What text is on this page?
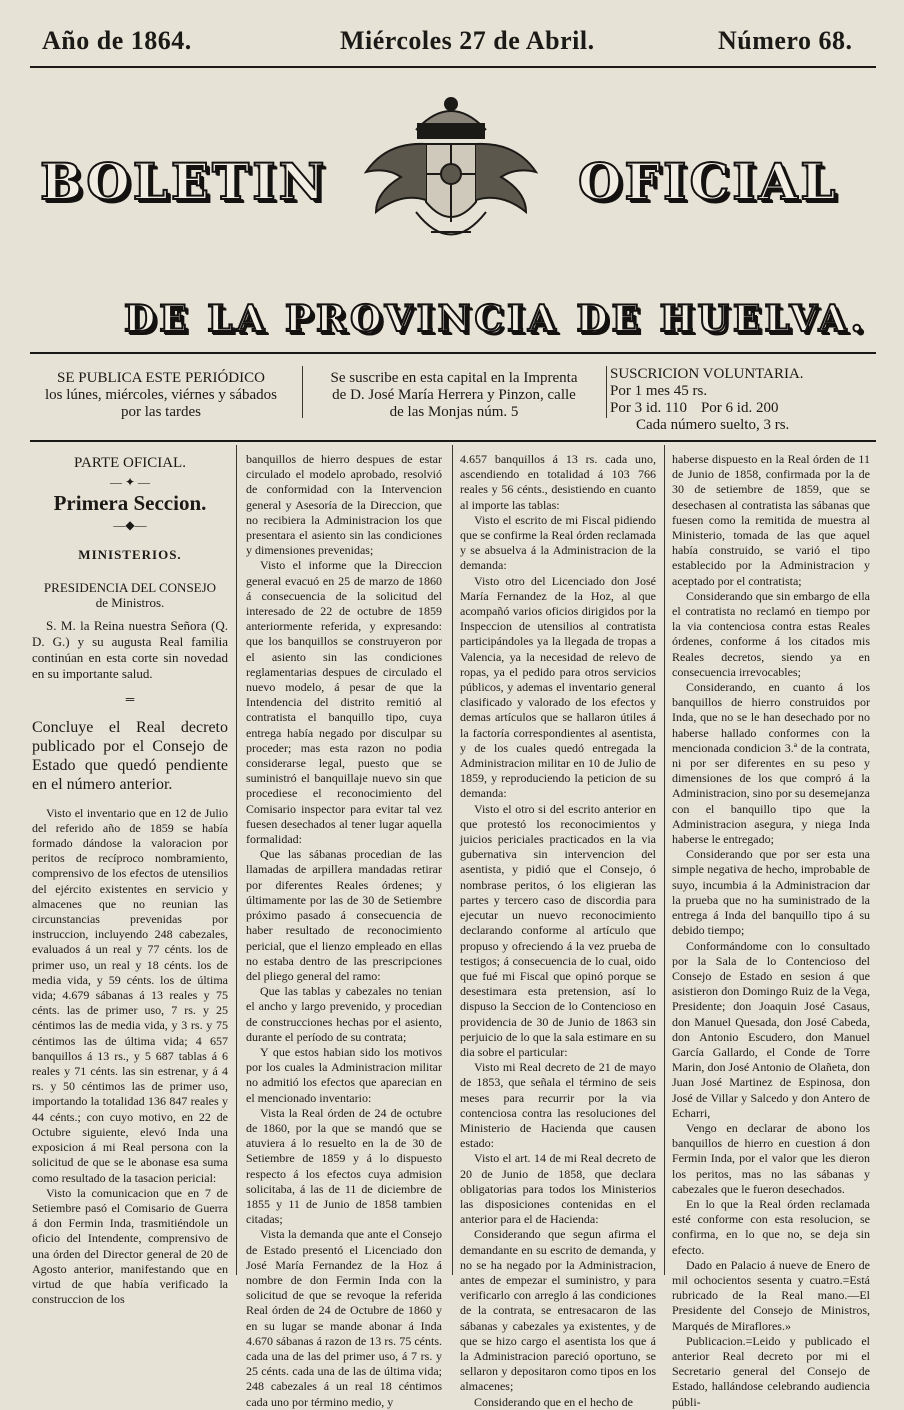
Año de 1864.	Miércoles 27 de Abril.	Número 68.
BOLETIN	OFICIAL
DE LA PROVINCIA DE HUELVA.
SE PUBLICA ESTE PERIÓDICO
los lúnes, miércoles, viérnes y sábados
por las tardes
Se suscribe en esta capital en la Imprenta
de D. José María Herrera y Pinzon, calle
de las Monjas núm. 5
SUSCRICION VOLUNTARIA.
Por 1 mes 45 rs.
Por 3 id. 110 Por 6 id. 200
Cada número suelto, 3 rs.
PARTE OFICIAL.
— ✦ —
Primera Seccion.
—◆—
MINISTERIOS.
PRESIDENCIA DEL CONSEJO
de Ministros.

S. M. la Reina nuestra Señora (Q. D. G.) y su augusta Real familia continúan en esta corte sin novedad en su importante salud.

═
Concluye el Real decreto publicado por el Consejo de Estado que quedó pendiente en el número anterior.

Visto el inventario que en 12 de Julio del referido año de 1859 se había formado dándose la valoracion por peritos de recíproco nombramiento, comprensivo de los efectos de utensilios del ejército existentes en servicio y almacenes que no reunian las circunstancias prevenidas por instruccion, incluyendo 248 cabezales, evaluados á un real y 77 cénts. los de primer uso, un real y 18 cénts. los de media vida, y 59 cénts. los de última vida; 4.679 sábanas á 13 reales y 75 cénts. las de primer uso, 7 rs. y 25 céntimos las de media vida, y 3 rs. y 75 céntimos las de última vida; 4 657 banquillos á 13 rs., y 5 687 tablas á 6 reales y 71 cénts. las sin estrenar, y á 4 rs. y 50 céntimos las de primer uso, importando la totalidad 136 847 reales y 44 cénts.; con cuyo motivo, en 22 de Octubre siguiente, elevó Inda una exposicion á mi Real persona con la solicitud de que se le abonase esa suma como resultado de la tasacion pericial:

Visto la comunicacion que en 7 de Setiembre pasó el Comisario de Guerra á don Fermin Inda, trasmitiéndole un oficio del Intendente, comprensivo de una órden del Director general de 20 de Agosto anterior, manifestando que en virtud de que había verificado la construccion de los

banquillos de hierro despues de estar circulado el modelo aprobado, resolvió de conformidad con la Intervencion general y Asesoría de la Direccion, que no recibiera la Administracion los que presentara el asiento sin las condiciones y dimensiones prevenidas;

Visto el informe que la Direccion general evacuó en 25 de marzo de 1860 á consecuencia de la solicitud del interesado de 22 de octubre de 1859 anteriormente referida, y expresando: que los banquillos se construyeron por el asiento sin las condiciones reglamentarias despues de circulado el nuevo modelo, á pesar de que la Intendencia del distrito remitió al contratista el banquillo tipo, cuya entrega había negado por disculpar su proceder; mas esta razon no podia considerarse legal, puesto que se suministró el banquillaje nuevo sin que procediese el reconocimiento del Comisario inspector para evitar tal vez fuesen desechados al tener lugar aquella formalidad:

Que las sábanas procedian de las llamadas de arpillera mandadas retirar por diferentes Reales órdenes; y últimamente por las de 30 de Setiembre próximo pasado á consecuencia de haber resultado de reconocimiento pericial, que el lienzo empleado en ellas no estaba dentro de las prescripciones del pliego general del ramo:

Que las tablas y cabezales no tenian el ancho y largo prevenido, y procedian de construcciones hechas por el asiento, durante el período de su contrata;

Y que estos habian sido los motivos por los cuales la Administracion militar no admitió los efectos que aparecian en el mencionado inventario:

Vista la Real órden de 24 de octubre de 1860, por la que se mandó que se atuviera á lo resuelto en la de 30 de Setiembre de 1859 y á lo dispuesto respecto á los efectos cuya admision solicitaba, á las de 11 de diciembre de 1855 y 11 de Junio de 1858 tambien citadas;

Vista la demanda que ante el Consejo de Estado presentó el Licenciado don José María Fernandez de la Hoz á nombre de don Fermin Inda con la solicitud de que se revoque la referida Real órden de 24 de Octubre de 1860 y en su lugar se mande abonar á Inda 4.670 sábanas á razon de 13 rs. 75 cénts. cada una de las del primer uso, á 7 rs. y 25 cénts. cada una de las de última vida; 248 cabezales á un real 18 céntimos cada uno por término medio, y

4.657 banquillos á 13 rs. cada uno, ascendiendo en totalidad á 103 766 reales y 56 cénts., desistiendo en cuanto al importe las tablas:

Visto el escrito de mi Fiscal pidiendo que se confirme la Real órden reclamada y se absuelva á la Administracion de la demanda:

Visto otro del Licenciado don José María Fernandez de la Hoz, al que acompañó varios oficios dirigidos por la Inspeccion de utensilios al contratista participándoles ya la llegada de tropas a Valencia, ya la necesidad de relevo de ropas, ya el pedido para otros servicios públicos, y ademas el inventario general clasificado y valorado de los efectos y demas artículos que se hallaron útiles á la factoría correspondientes al asentista, y de los cuales quedó entregada la Administracion militar en 10 de Julio de 1859, y reproduciendo la peticion de su demanda:

Visto el otro si del escrito anterior en que protestó los reconocimientos y juicios periciales practicados en la via gubernativa sin intervencion del asentista, y pidió que el Consejo, ó nombrase peritos, ó los eligieran las partes y tercero caso de discordia para ejecutar un nuevo reconocimiento declarando conforme al artículo que propuso y ofreciendo á la vez prueba de testigos; á consecuencia de lo cual, oido que fué mi Fiscal que opinó porque se desestimara esta pretension, así lo dispuso la Seccion de lo Contencioso en providencia de 30 de Junio de 1863 sin perjuicio de lo que la sala estimare en su dia sobre el particular:

Visto mi Real decreto de 21 de mayo de 1853, que señala el término de seis meses para recurrir por la via contenciosa contra las resoluciones del Ministerio de Hacienda que causen estado:

Visto el art. 14 de mi Real decreto de 20 de Junio de 1858, que declara obligatorias para todos los Ministerios las disposiciones contenidas en el anterior para el de Hacienda:

Considerando que segun afirma el demandante en su escrito de demanda, y no se ha negado por la Administracion, antes de empezar el suministro, y para verificarlo con arreglo á las condiciones de la contrata, se entresacaron de las sábanas y cabezales ya existentes, y de que se hizo cargo el asentista los que á la Administracion pareció oportuno, se sellaron y depositaron como tipos en los almacenes;

Considerando que en el hecho de

haberse dispuesto en la Real órden de 11 de Junio de 1858, confirmada por la de 30 de setiembre de 1859, que se desechasen al contratista las sábanas que fuesen como la remitida de muestra al Ministerio, tomada de las que aquel había construido, se varió el tipo establecido por la Administracion y aceptado por el contratista;

Considerando que sin embargo de ella el contratista no reclamó en tiempo por la via contenciosa contra estas Reales órdenes, conforme á los citados mis Reales decretos, siendo ya en consecuencia irrevocables;

Considerando, en cuanto á los banquillos de hierro construidos por Inda, que no se le han desechado por no haberse hallado conformes con la mencionada condicion 3.ª de la contrata, ni por ser diferentes en su peso y dimensiones de los que compró á la Administracion, sino por su desemejanza con el banquillo tipo que la Administracion asegura, y niega Inda haberse le entregado;

Considerando que por ser esta una simple negativa de hecho, improbable de suyo, incumbia á la Administracion dar la prueba que no ha suministrado de la entrega á Inda del banquillo tipo á su debido tiempo;

Conformándome con lo consultado por la Sala de lo Contencioso del Consejo de Estado en sesion á que asistieron don Domingo Ruiz de la Vega, Presidente; don Joaquin José Casaus, don Manuel Quesada, don José Cabeda, don Antonio Escudero, don Manuel García Gallardo, el Conde de Torre Marin, don José Antonio de Olañeta, don Juan José Martinez de Espinosa, don José de Villar y Salcedo y don Antero de Echarri,

Vengo en declarar de abono los banquillos de hierro en cuestion á don Fermin Inda, por el valor que les dieron los peritos, mas no las sábanas y cabezales que le fueron desechados.

En lo que la Real órden reclamada esté conforme con esta resolucion, se confirma, en lo que no, se deja sin efecto.

Dado en Palacio á nueve de Enero de mil ochocientos sesenta y cuatro.=Está rubricado de la Real mano.—El Presidente del Consejo de Ministros, Marqués de Miraflores.»

Publicacion.=Leido y publicado el anterior Real decreto por mi el Secretario general del Consejo de Estado, hallándose celebrando audiencia públi-
